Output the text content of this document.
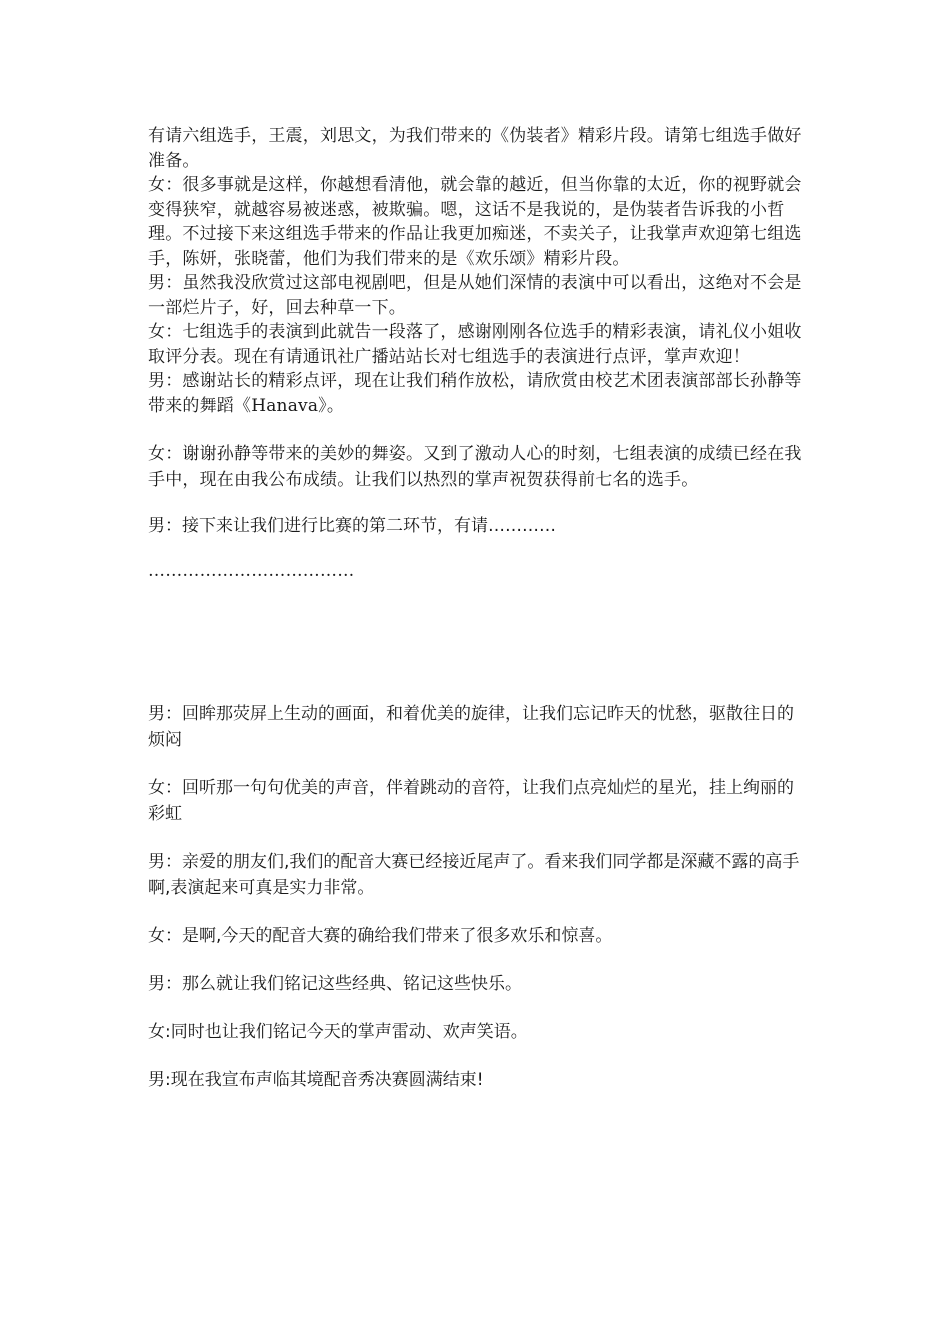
有请六组选手，王震，刘思文，为我们带来的《伪装者》精彩片段。请第七组选手做好准备。

女：很多事就是这样，你越想看清他，就会靠的越近，但当你靠的太近，你的视野就会变得狭窄，就越容易被迷惑，被欺骗。嗯，这话不是我说的，是伪装者告诉我的小哲理。不过接下来这组选手带来的作品让我更加痴迷，不卖关子，让我掌声欢迎第七组选手，陈妍，张晓蕾，他们为我们带来的是《欢乐颂》精彩片段。

男：虽然我没欣赏过这部电视剧吧，但是从她们深情的表演中可以看出，这绝对不会是一部烂片子，好，回去种草一下。

女：七组选手的表演到此就告一段落了，感谢刚刚各位选手的精彩表演，请礼仪小姐收取评分表。现在有请通讯社广播站站长对七组选手的表演进行点评，掌声欢迎！

男：感谢站长的精彩点评，现在让我们稍作放松，请欣赏由校艺术团表演部部长孙静等带来的舞蹈《Hanava》。

女：谢谢孙静等带来的美妙的舞姿。又到了激动人心的时刻，七组表演的成绩已经在我手中，现在由我公布成绩。让我们以热烈的掌声祝贺获得前七名的选手。

男：接下来让我们进行比赛的第二环节，有请…………

………………………………

男：回眸那荧屏上生动的画面，和着优美的旋律，让我们忘记昨天的忧愁，驱散往日的烦闷

女：回听那一句句优美的声音，伴着跳动的音符，让我们点亮灿烂的星光，挂上绚丽的彩虹

男：亲爱的朋友们,我们的配音大赛已经接近尾声了。看来我们同学都是深藏不露的高手啊,表演起来可真是实力非常。

女：是啊,今天的配音大赛的确给我们带来了很多欢乐和惊喜。

男：那么就让我们铭记这些经典、铭记这些快乐。

女:同时也让我们铭记今天的掌声雷动、欢声笑语。

男:现在我宣布声临其境配音秀决赛圆满结束!
